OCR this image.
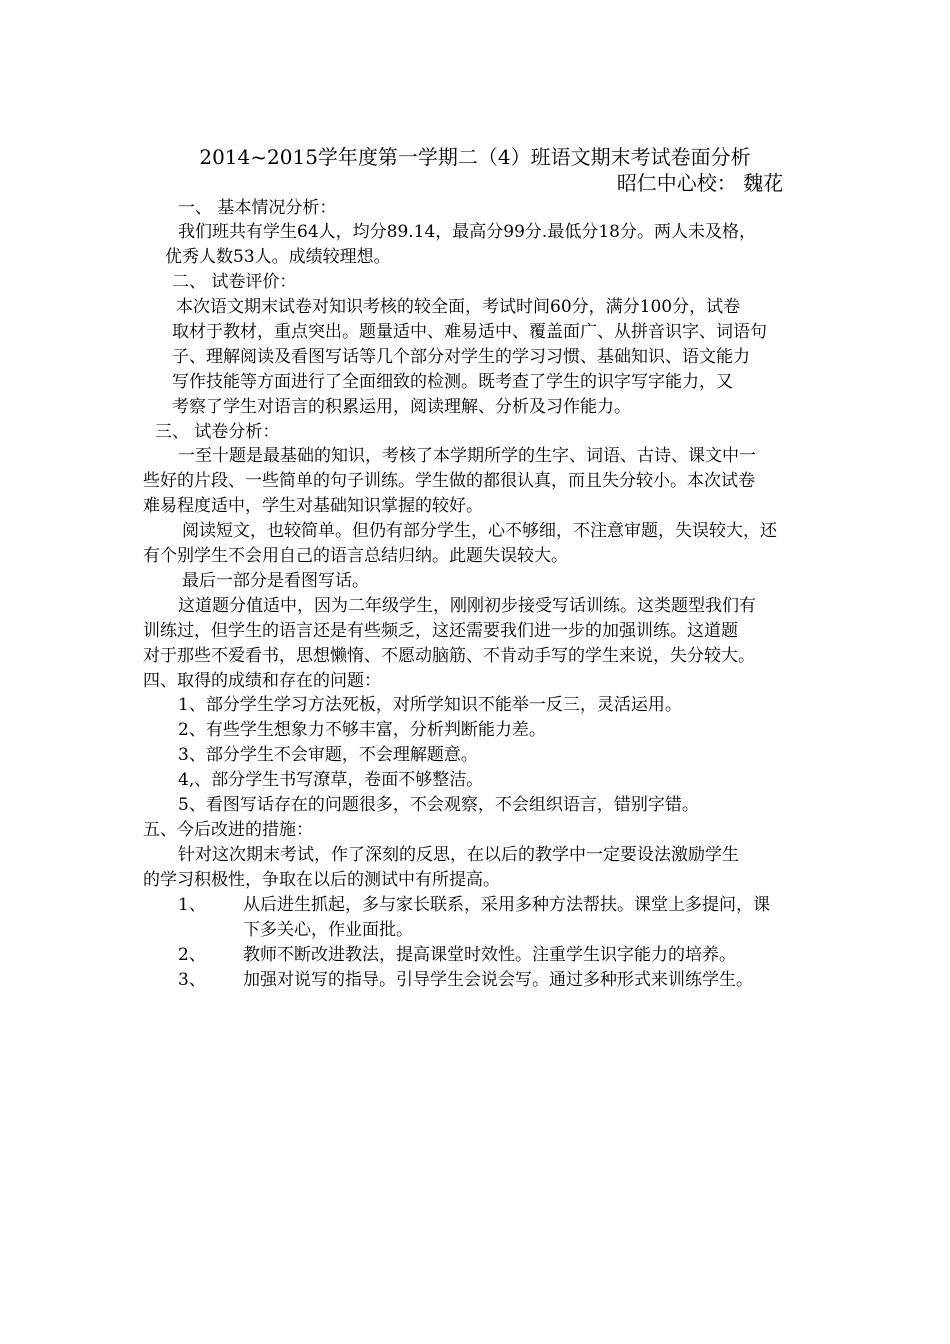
2014~2015学年度第一学期二（4）班语文期末考试卷面分析
昭仁中心校： 魏花
一、 基本情况分析：
我们班共有学生64人，均分89.14，最高分99分.最低分18分。两人未及格，
优秀人数53人。成绩较理想。
二、 试卷评价：
本次语文期末试卷对知识考核的较全面，考试时间60分，满分100分，试卷
取材于教材，重点突出。题量适中、难易适中、覆盖面广、从拼音识字、词语句
子、理解阅读及看图写话等几个部分对学生的学习习惯、基础知识、语文能力
写作技能等方面进行了全面细致的检测。既考查了学生的识字写字能力，又
考察了学生对语言的积累运用，阅读理解、分析及习作能力。
三、 试卷分析：
一至十题是最基础的知识，考核了本学期所学的生字、词语、古诗、课文中一
些好的片段、一些简单的句子训练。学生做的都很认真，而且失分较小。本次试卷
难易程度适中，学生对基础知识掌握的较好。
阅读短文，也较简单。但仍有部分学生，心不够细，不注意审题，失误较大，还
有个别学生不会用自己的语言总结归纳。此题失误较大。
最后一部分是看图写话。
这道题分值适中，因为二年级学生，刚刚初步接受写话训练。这类题型我们有
训练过，但学生的语言还是有些频乏，这还需要我们进一步的加强训练。这道题
对于那些不爱看书，思想懒惰、不愿动脑筋、不肯动手写的学生来说，失分较大。
四、取得的成绩和存在的问题：
1、部分学生学习方法死板，对所学知识不能举一反三，灵活运用。
2、有些学生想象力不够丰富，分析判断能力差。
3、部分学生不会审题，不会理解题意。
4,、部分学生书写潦草，卷面不够整洁。
5、看图写话存在的问题很多，不会观察，不会组织语言，错别字错。
五、今后改进的措施：
针对这次期末考试，作了深刻的反思，在以后的教学中一定要设法激励学生
的学习积极性，争取在以后的测试中有所提高。
1、 从后进生抓起，多与家长联系，采用多种方法帮扶。课堂上多提问，课
下多关心，作业面批。
2、 教师不断改进教法，提高课堂时效性。注重学生识字能力的培养。
3、 加强对说写的指导。引导学生会说会写。通过多种形式来训练学生。
